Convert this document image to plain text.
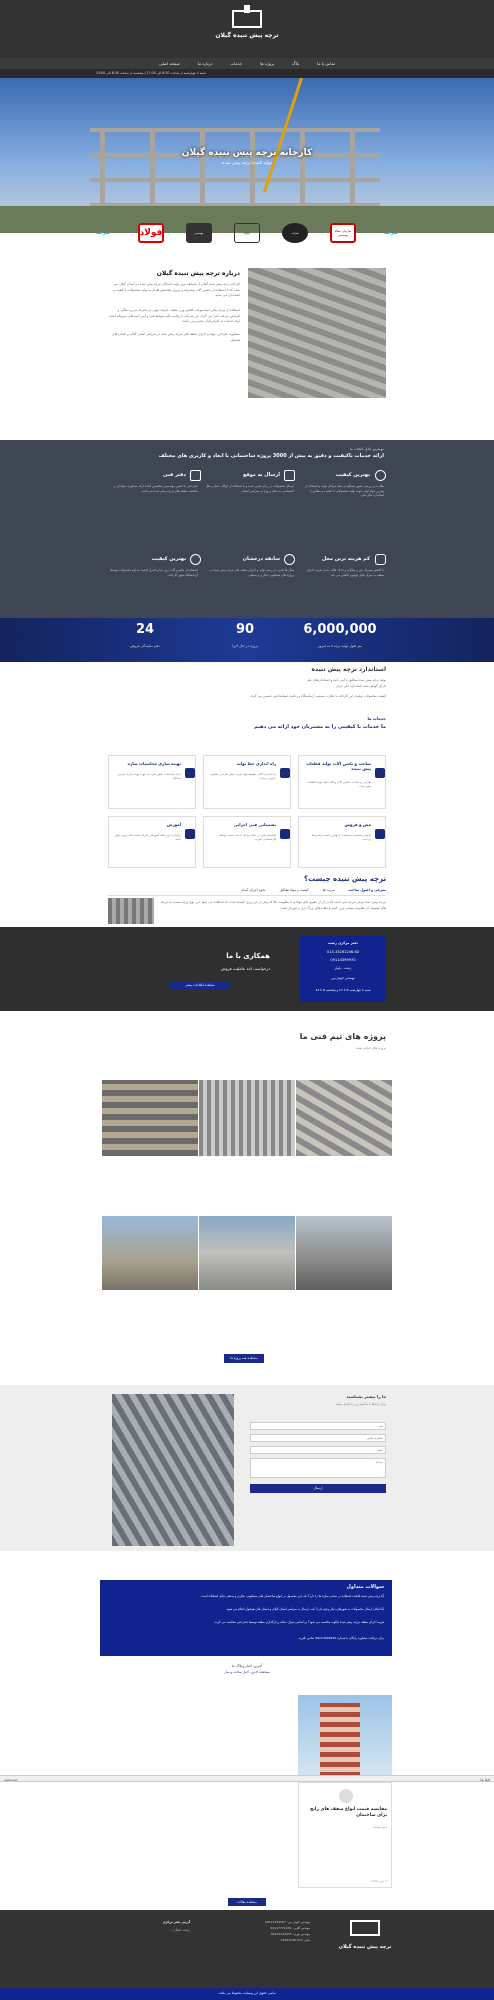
ترچه پیش تنیده گیلان
تماس با ما
بلاگ
پروژه ها
خدمات
درباره ما
صفحه اصلی
شنبه تا چهارشنبه از ساعت 8:30 الی 17:00 | پنجشنبه از ساعت 8:30 الی 13:00
کارخانه ترچه پیش تنیده گیلان
تولید کننده ترچه پیش تنیده
تیرچه
سازمان نظام مهندسی
شرکت
لوگو
مهندسی
فولاد
تیرچه
درباره ترچه پیش تنیده گیلان
کارخانه ترچه پیش تنیده گیلان از باسابقه ترین تولید کنندگان تیرچه پیش تنیده در استان گیلان می باشد که با استفاده از ماشین آلات پیشرفته و نیروی متخصص اقدام به تولید محصولات با کیفیت و استاندارد می نماید.
استفاده از تیرچه پیش تنیده موجب کاهش وزن سقف، صرفه جویی در مصرف بتن و میلگرد و افزایش سرعت اجرا می گردد. این شرکت با رعایت کلیه ضوابط فنی و آیین نامه های مربوطه آماده ارائه خدمات به کارفرمایان محترم می باشد.
مشاوره، طراحی، تولید و اجرای سقف های تیرچه پیش تنیده در سراسر استان گیلان و استان های همجوار.
مهمترین دلایل انتخاب ما
ارائه خدمات باکیفیت و دقیق به بیش از 3000 پروژه ساختمانی با ابعاد و کاربری های مختلف
بهترین کیفیت
نظارت و بررسی دقیق مصالح در تمام مراحل تولید و استفاده از بهترین مواد اولیه جهت تولید محصولاتی با کیفیت و مطابق با استاندارد های ملی.
ارسال به موقع
ارسال محصولات در زمان تعیین شده و با استفاده از ناوگان حمل و نقل اختصاصی به محل پروژه در سراسر استان.
دفتر فنی
دفتر فنی با حضور مهندسین متخصص آماده ارائه مشاوره، طراحی و محاسبه سقف های تیرچه پیش تنیده می باشد.
کم هزینه ترین محل
با کاهش مصرف بتن و میلگرد و حذف قالب بندی، هزینه اجرای سقف به میزان قابل توجهی کاهش می یابد.
سابقه درخشان
سال ها تجربه در زمینه تولید و اجرای سقف های تیرچه پیش تنیده در پروژه های مسکونی، تجاری و صنعتی.
بهترین کیفیت
استفاده از ماشین آلات روز دنیا و کنترل کیفیت مداوم محصولات توسط آزمایشگاه مجهز کارخانه.
6,000,000
متر طول تولید ترچه تا به امروز
90
پروژه در حال اجرا
24
دفتر نمایندگی فروش
استاندارد ترچه پیش تنیده
تولید ترچه پیش تنیده مطابق با آیین نامه و استانداردهای ملی
دارای گواهی نامه استاندارد ملی ایران
کیفیت محصولات تولیدی این کارخانه با نظارت مستمر آزمایشگاه و رعایت ضوابط فنی تضمین می گردد.
خدمات ما
ما خدمات با کیفیتی را به مشتریان خود ارائه می دهیم
ساخت و تامین آلات تولید قطعات پیش تنیده
طراحی و ساخت ماشین آلات و قالب های تولید قطعات پیش تنیده.
راه اندازی خط تولید
راه اندازی کامل خطوط تولید تیرچه پیش تنیده از مشاوره تا بهره برداری.
بهینه سازی محاسبات سازه
ارائه محاسبات دقیق سازه ای جهت بهینه سازی مصرف مصالح.
مش و فروش
فروش مستقیم محصولات با بهترین قیمت و شرایط پرداخت.
پشتیبانی فنی اجرایی
پشتیبانی فنی در تمام مراحل اجرای سقف توسط کارشناسان مجرب.
آموزش
برگزاری دوره های آموزشی اجرای سقف های تیرچه پیش تنیده.
ترچه پیش تنیده چیست؟
معرفی و اصول ساخت
مزیت ها
کیفیت و مواد تشکیل
نحوه اجرای آسان
تیرچه پیش تنیده نوعی تیرچه بتنی است که در آن از مفتول های فولادی با مقاومت بالا که پیش از بتن ریزی کشیده شده اند استفاده می شود. این نوع تیرچه نسبت به تیرچه های معمولی از مقاومت بیشتر، وزن کمتر و دهانه های بزرگ تری برخوردار است.
همکاری با ما
درخواست اخذ عاملیت فروش
مشاهده اطلاعات بیشتر
دفتر مرکزی رشت
013-33261246-62
09114399970
رشت - بلوار
مهندس خوش بین
شنبه تا چهارشنبه 8 تا 17 و پنجشنبه 8 تا 13
پروژه های تیم فنی ما
پروژه های انجام شده
مشاهده همه پروژه ها
ما را بیشتر بشناسید
برای ارتباط با ما فرم زیر را تکمیل نمایید
نام
شماره تماس
ایمیل
پیام
ارسال
سوالات متداول
آیا ترچه پیش تنیده قابلیت استفاده در تمامی سازه ها را دارد؟ بله، این محصول در انواع ساختمان های مسکونی، تجاری و صنعتی قابل استفاده است.
آیا امکان ارسال محصولات به شهرهای دیگر وجود دارد؟ بله، ارسال به سراسر استان گیلان و استان های همجوار انجام می شود.
هزینه اجرای سقف تیرچه پیش تنیده چگونه محاسبه می شود؟ بر اساس متراژ، دهانه و بارگذاری سقف توسط دفتر فنی محاسبه می گردد.
برای دریافت مشاوره رایگان با شماره 09114399970 تماس بگیرید.
آخرین اخبار وبلاگ ما
مشاهده آخرین اخبار ساخت و ساز
rasm.aso	الیکا یانا
مقایسه قیمت انواع سقف های رایج برای ساختمان
مدیر سایت
3 مهر 1402
مشاهده مقالات
ترچه پیش تنیده گیلان
مهندس خوش بین: 09111234567
مهندس آقایی: 09117771234
مهندس نوری: 09123334455
دفتر: 013-33261246
آدرس دفتر مرکزی
رشت، خیابان ...
تمامی حقوق این وبسایت محفوظ می باشد.
